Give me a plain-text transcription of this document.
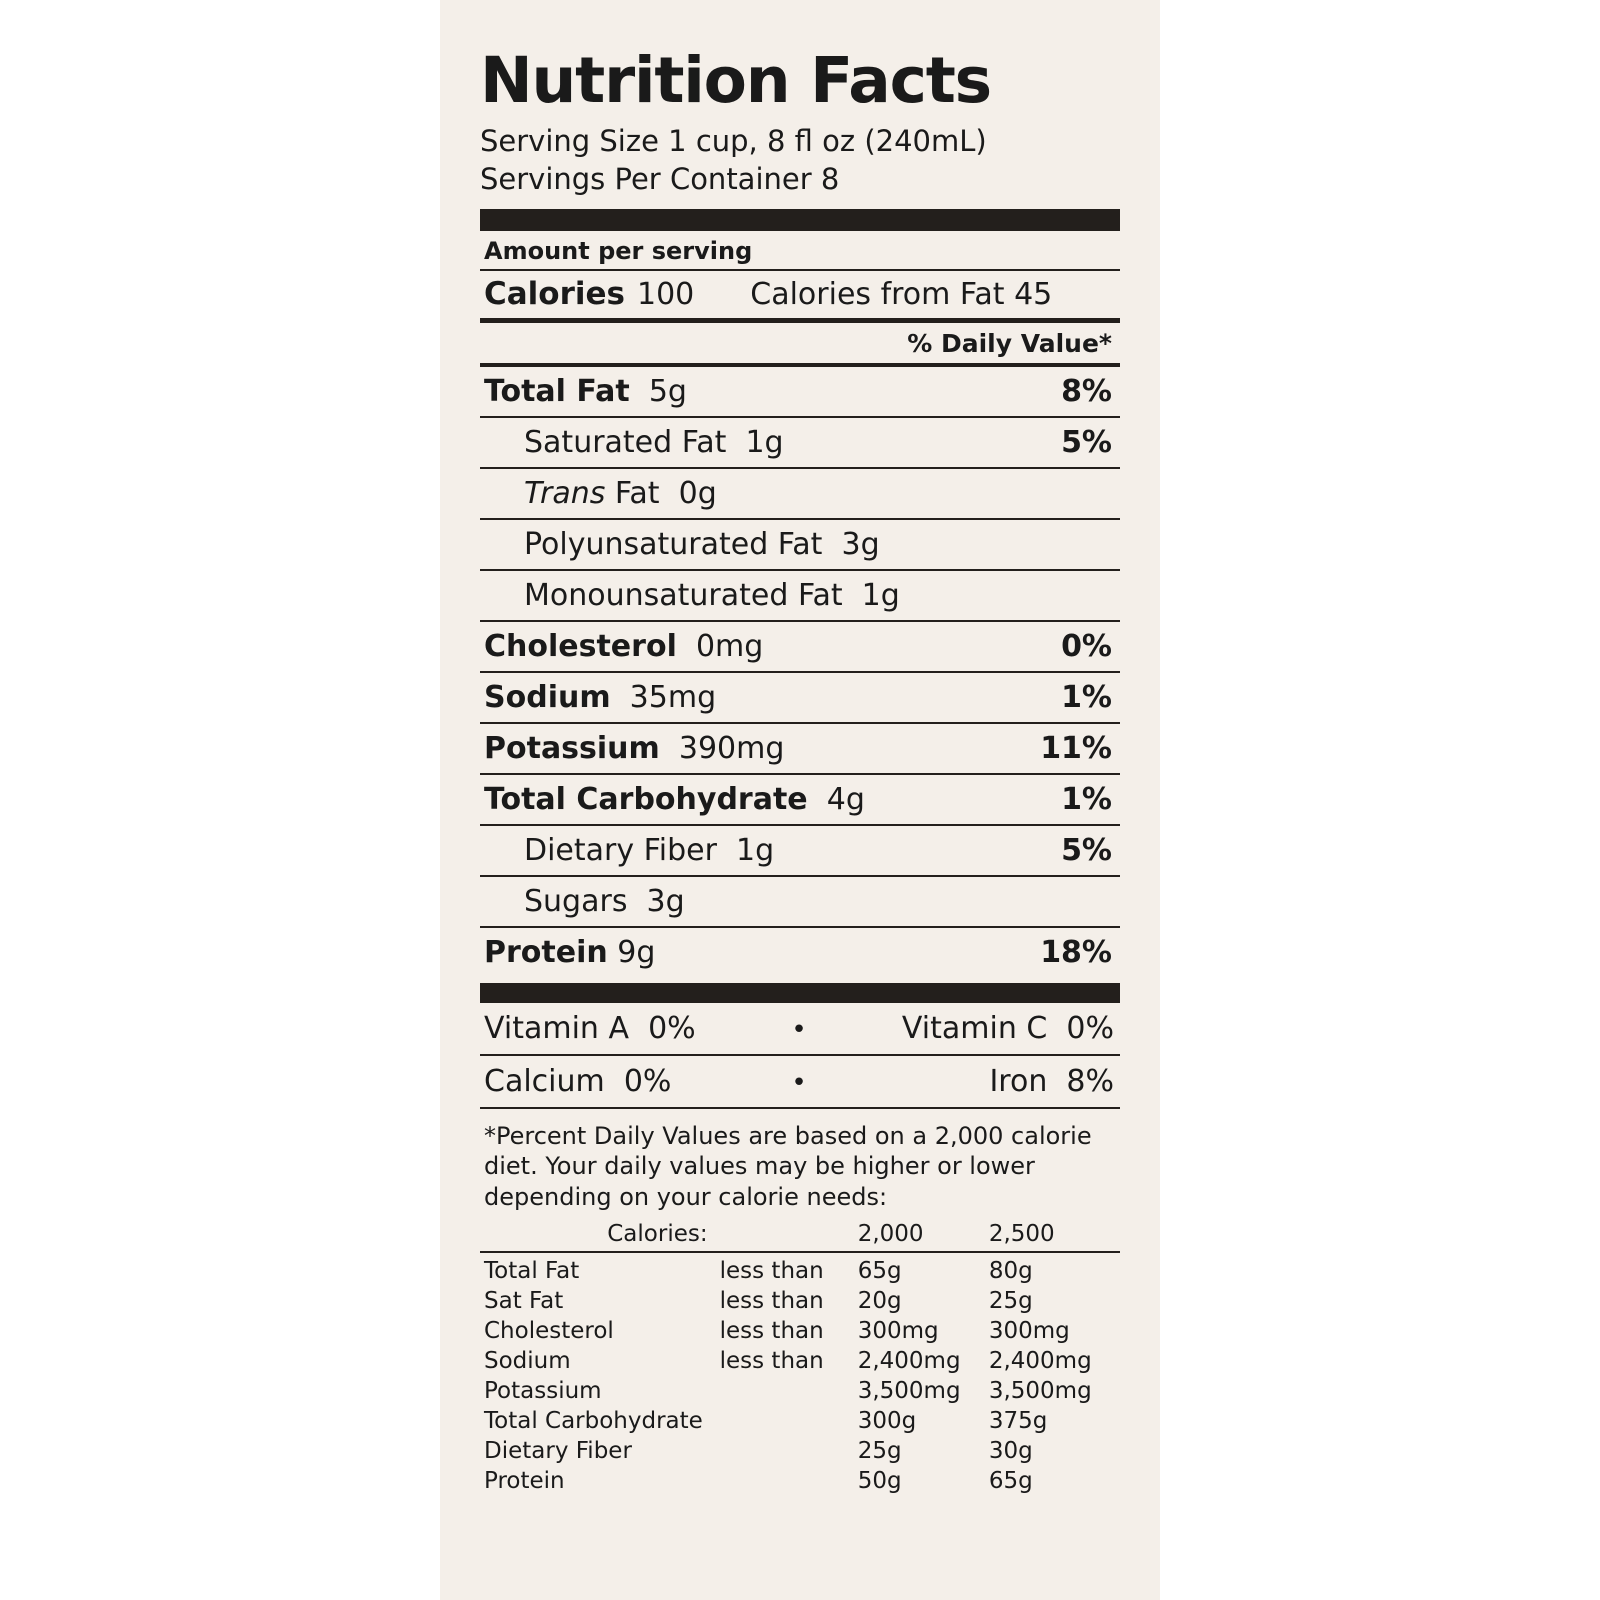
Nutrition Facts
Serving Size 1 cup, 8 fl oz (240mL)
Servings Per Container 8
Amount per serving
Calories 100 Calories from Fat 45
% Daily Value*
Total Fat 5g	8%
Saturated Fat 1g	5%
Trans Fat 0g
Polyunsaturated Fat 3g
Monounsaturated Fat 1g
Cholesterol 0mg	0%
Sodium 35mg	1%
Potassium 390mg	11%
Total Carbohydrate 4g	1%
Dietary Fiber 1g	5%
Sugars 3g
Protein 9g	18%
Vitamin A 0%	•	Vitamin C 0%
Calcium 0%	•	Iron 8%
*Percent Daily Values are based on a 2,000 calorie diet. Your daily values may be higher or lower depending on your calorie needs:
Calories:		2,000	2,500
Total Fat	less than	65g	80g
Sat Fat	less than	20g	25g
Cholesterol	less than	300mg	300mg
Sodium	less than	2,400mg	2,400mg
Potassium		3,500mg	3,500mg
Total Carbohydrate		300g	375g
Dietary Fiber		25g	30g
Protein		50g	65g
